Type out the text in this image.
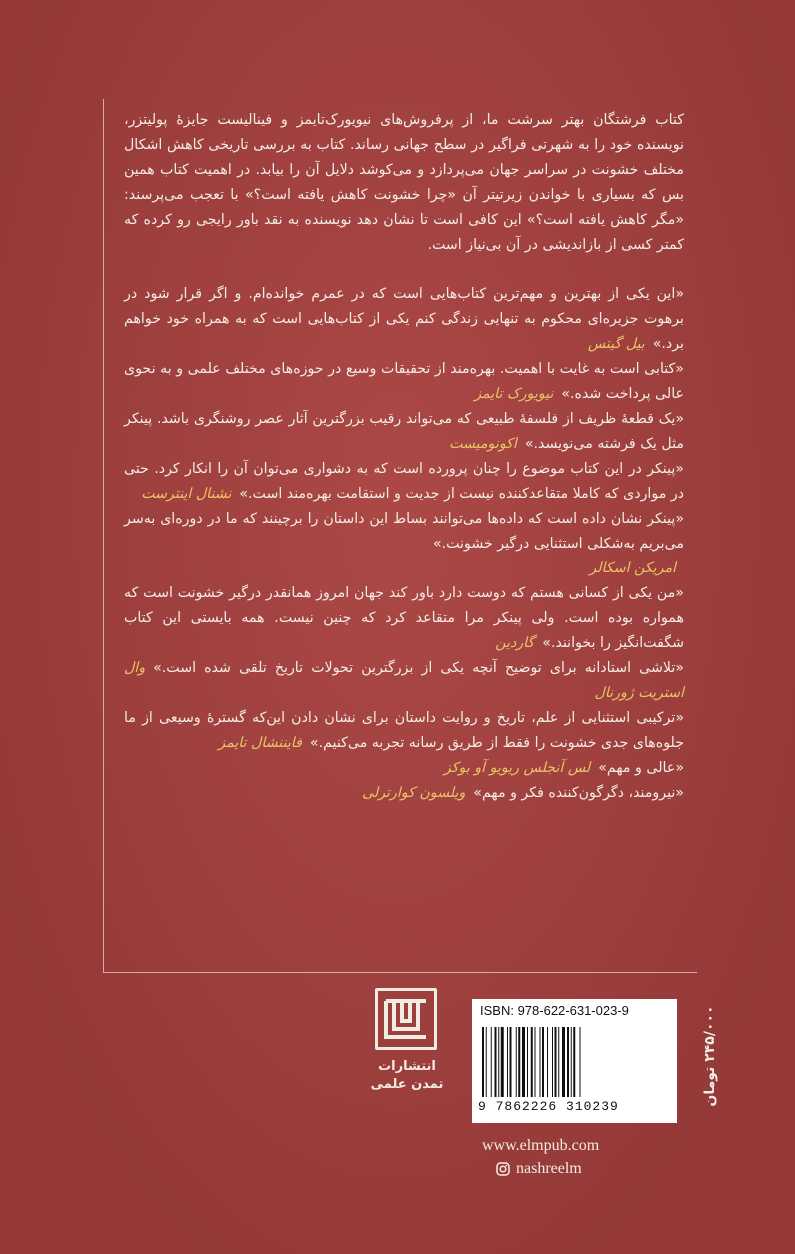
کتاب فرشتگان بهتر سرشت ما، از پرفروش‌های نیویورک‌تایمز و فینالیست جایزهٔ پولیتزر، نویسنده خود را به شهرتی فراگیر در سطح جهانی رساند. کتاب به بررسی تاریخی کاهش اشکال مختلف خشونت در سراسر جهان می‌پردازد و می‌کوشد دلایل آن را بیابد. در اهمیت کتاب همین بس که بسیاری با خواندن زیرتیتر آن «چرا خشونت کاهش یافته است؟» با تعجب می‌پرسند: «مگر کاهش یافته است؟» این کافی است تا نشان دهد نویسنده به نقد باور رایجی رو کرده که کمتر کسی از بازاندیشی در آن بی‌نیاز است.

«این یکی از بهترین و مهم‌ترین کتاب‌هایی است که در عمرم خوانده‌ام. و اگر قرار شود در برهوت جزیره‌ای محکوم به تنهایی زندگی کنم یکی از کتاب‌هایی است که به همراه خود خواهم برد.»بیل گیتس

«کتابی است به غایت با اهمیت. بهره‌مند از تحقیقات وسیع در حوزه‌های مختلف علمی و به نحوی عالی پرداخت شده.»نیویورک تایمز

«یک قطعهٔ ظریف از فلسفهٔ طبیعی که می‌تواند رقیب بزرگترین آثار عصر روشنگری باشد. پینکر مثل یک فرشته می‌نویسد.»اکونومیست

«پینکر در این کتاب موضوع را چنان پرورده است که به دشواری می‌توان آن را انکار کرد. حتی در مواردی که کاملا متقاعدکننده نیست از جدیت و استقامت بهره‌مند است.»نشنال اینترست

«پینکر نشان داده است که داده‌ها می‌توانند بساط این داستان را برچینند که ما در دوره‌ای به‌سر می‌بریم به‌شکلی استثنایی درگیر خشونت.»
امریکن اسکالر

«من یکی از کسانی هستم که دوست دارد باور کند جهان امروز همانقدر درگیر خشونت است که همواره بوده است. ولی پینکر مرا متقاعد کرد که چنین نیست. همه بایستی این کتاب شگفت‌انگیز را بخوانند.»گاردین

«تلاشی استادانه برای توضیح آنچه یکی از بزرگترین تحولات تاریخ تلقی شده است.»وال استریت ژورنال

«ترکیبی استثنایی از علم، تاریخ و روایت داستان برای نشان دادن این‌که گسترهٔ وسیعی از ما جلوه‌های جدی خشونت را فقط از طریق رسانه تجربه می‌کنیم.»فایننشال تایمز

«عالی و مهم»لس آنجلس ریویو آو بوکز

«نیرومند، دگرگون‌کننده فکر و مهم»ویلسون کوارترلی

انتشارات
تمدن علمی
ISBN: 978-622-631-023-9
9 7862226 310239	۲۴۵/۰۰۰ تومان
www.elmpub.com
nashreelm
